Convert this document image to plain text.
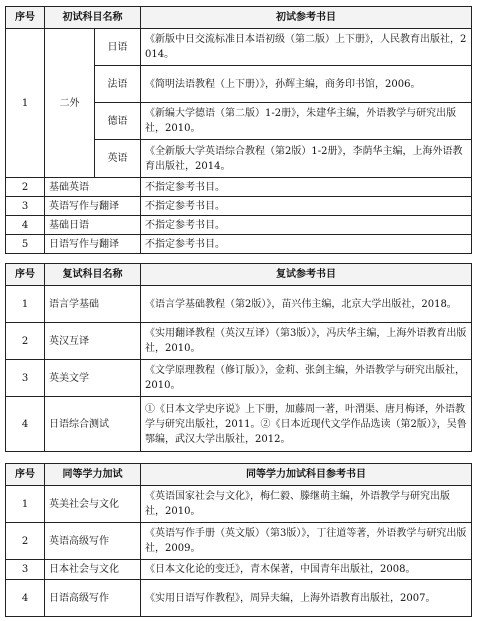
序号	初试科目名称		初试参考书目
1	二外	日语	《新版中日交流标准日本语初级（第二版）上下册》，人民教育出版社，2014。
		法语	《简明法语教程（上下册）》，孙辉主编，商务印书馆，2006。
		德语	《新编大学德语（第二版）1-2册》，朱建华主编，外语教学与研究出版社，2010。
		英语	《全新版大学英语综合教程（第2版）1-2册》，李荫华主编，上海外语教育出版社，2014。
2	基础英语		不指定参考书目。
3	英语写作与翻译		不指定参考书目。
4	基础日语		不指定参考书目。
5	日语写作与翻译		不指定参考书目。
序号	复试科目名称	复试参考书目
1	语言学基础	《语言学基础教程（第2版）》，苗兴伟主编，北京大学出版社，2018。
2	英汉互译	《实用翻译教程（英汉互译）（第3版）》，冯庆华主编，上海外语教育出版社，2010。
3	英美文学	《文学原理教程（修订版）》，金莉、张剑主编，外语教学与研究出版社，2010。
4	日语综合测试	①《日本文学史序说》上下册，加藤周一著，叶渭渠、唐月梅译，外语教学与研究出版社，2011。②《日本近现代文学作品选读（第2版）》，吴鲁鄂编，武汉大学出版社，2012。
序号	同等学力加试	同等学力加试科目参考书目
1	英美社会与文化	《英语国家社会与文化》，梅仁毅、滕继萌主编，外语教学与研究出版社，2010。
2	英语高级写作	《英语写作手册（英文版）（第3版）》，丁往道等著，外语教学与研究出版社，2009。
3	日本社会与文化	《日本文化论的变迁》，青木保著，中国青年出版社，2008。
4	日语高级写作	《实用日语写作教程》，周异夫编，上海外语教育出版社，2007。
